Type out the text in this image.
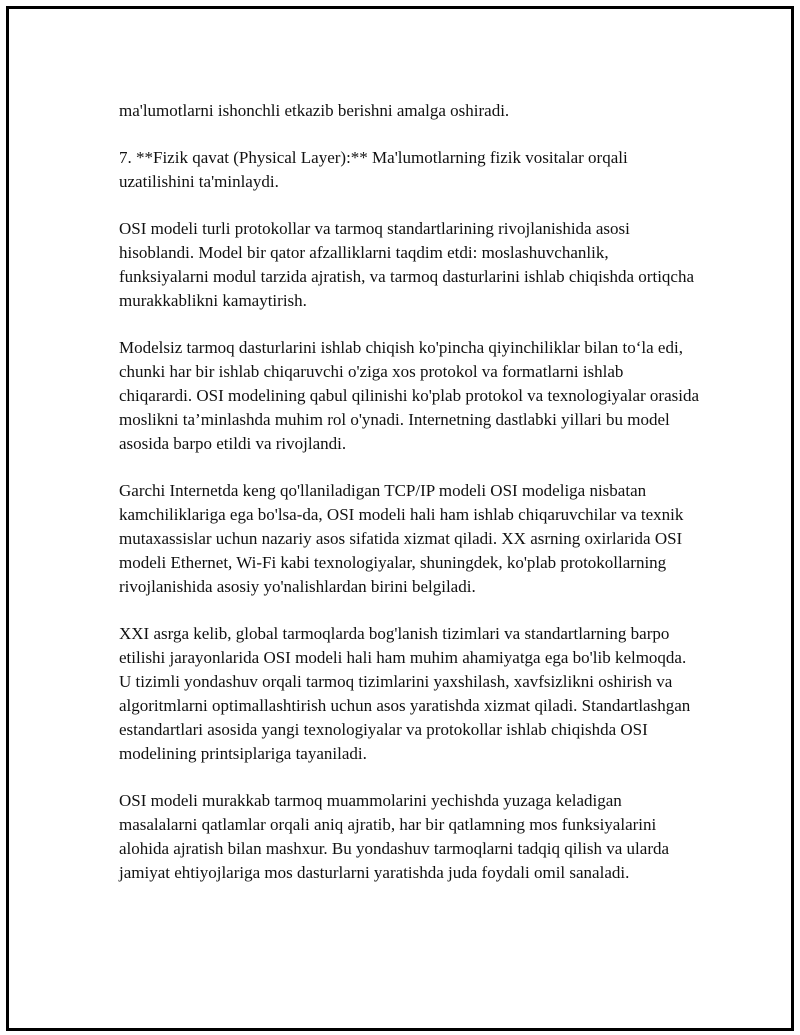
ma'lumotlarni ishonchli etkazib berishni amalga oshiradi.

7. **Fizik qavat (Physical Layer):** Ma'lumotlarning fizik vositalar orqali uzatilishini ta'minlaydi.

OSI modeli turli protokollar va tarmoq standartlarining rivojlanishida asosi hisoblandi. Model bir qator afzalliklarni taqdim etdi: moslashuvchanlik, funksiyalarni modul tarzida ajratish, va tarmoq dasturlarini ishlab chiqishda ortiqcha murakkablikni kamaytirish.

Modelsiz tarmoq dasturlarini ishlab chiqish ko'pincha qiyinchiliklar bilan to‘la edi, chunki har bir ishlab chiqaruvchi o'ziga xos protokol va formatlarni ishlab chiqarardi. OSI modelining qabul qilinishi ko'plab protokol va texnologiyalar orasida moslikni ta’minlashda muhim rol o'ynadi. Internetning dastlabki yillari bu model asosida barpo etildi va rivojlandi.

Garchi Internetda keng qo'llaniladigan TCP/IP modeli OSI modeliga nisbatan kamchiliklariga ega bo'lsa-da, OSI modeli hali ham ishlab chiqaruvchilar va texnik mutaxassislar uchun nazariy asos sifatida xizmat qiladi. XX asrning oxirlarida OSI modeli Ethernet, Wi-Fi kabi texnologiyalar, shuningdek, ko'plab protokollarning rivojlanishida asosiy yo'nalishlardan birini belgiladi.

XXI asrga kelib, global tarmoqlarda bog'lanish tizimlari va standartlarning barpo etilishi jarayonlarida OSI modeli hali ham muhim ahamiyatga ega bo'lib kelmoqda. U tizimli yondashuv orqali tarmoq tizimlarini yaxshilash, xavfsizlikni oshirish va algoritmlarni optimallashtirish uchun asos yaratishda xizmat qiladi. Standartlashgan estandartlari asosida yangi texnologiyalar va protokollar ishlab chiqishda OSI modelining printsiplariga tayaniladi.

OSI modeli murakkab tarmoq muammolarini yechishda yuzaga keladigan masalalarni qatlamlar orqali aniq ajratib, har bir qatlamning mos funksiyalarini alohida ajratish bilan mashxur. Bu yondashuv tarmoqlarni tadqiq qilish va ularda jamiyat ehtiyojlariga mos dasturlarni yaratishda juda foydali omil sanaladi.
